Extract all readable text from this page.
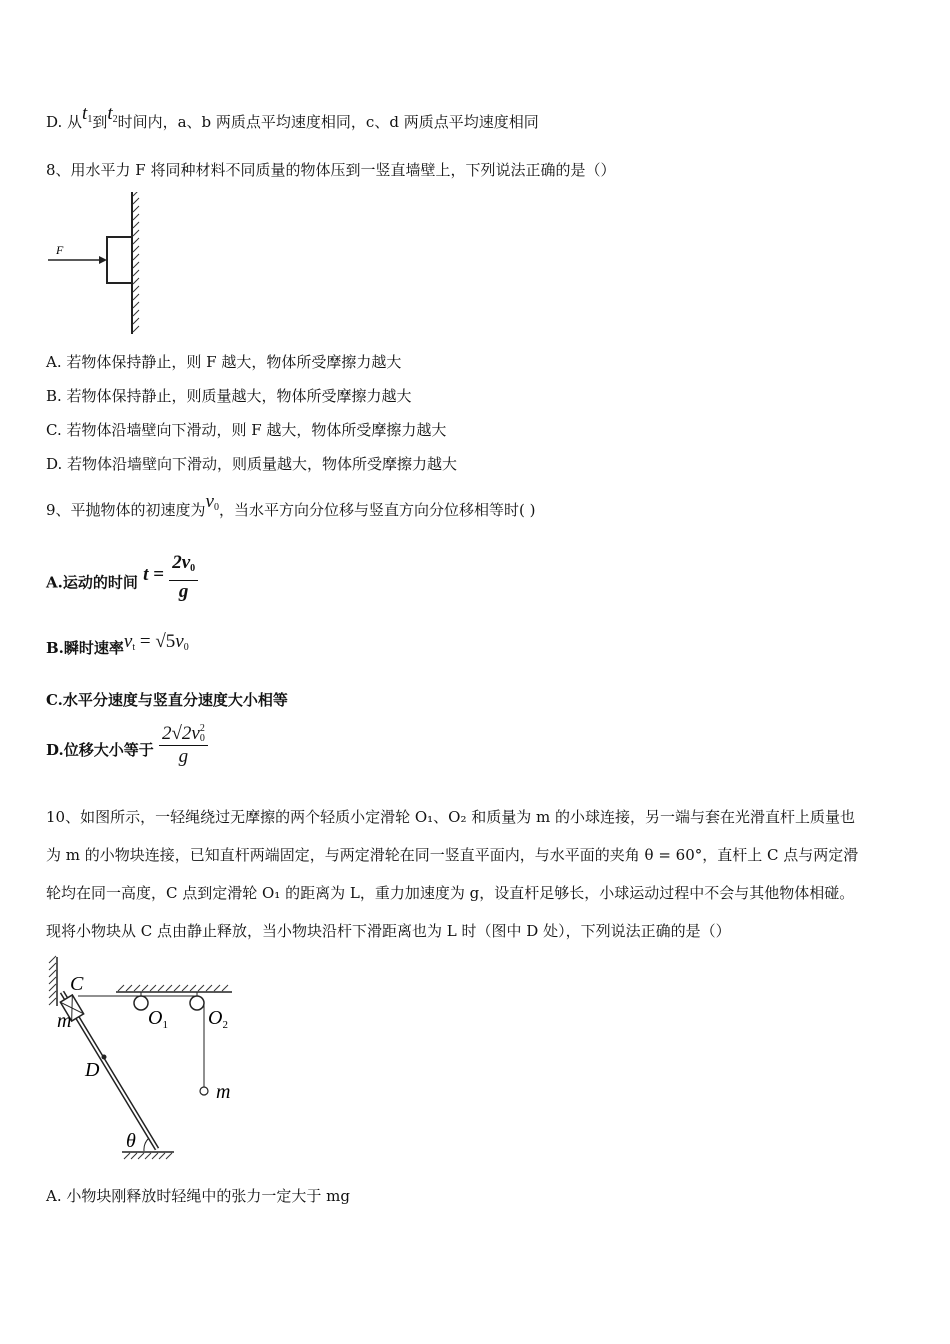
D. 从$t_1$到$t_2$时间内，a、b 两质点平均速度相同，c、d 两质点平均速度相同
8、用水平力 F 将同种材料不同质量的物体压到一竖直墙壁上，下列说法正确的是（）
F
A. 若物体保持静止，则 F 越大，物体所受摩擦力越大
B. 若物体保持静止，则质量越大，物体所受摩擦力越大
C. 若物体沿墙壁向下滑动，则 F 越大，物体所受摩擦力越大
D. 若物体沿墙壁向下滑动，则质量越大，物体所受摩擦力越大
9、平抛物体的初速度为$v_0$，当水平方向分位移与竖直方向分位移相等时( )
A.运动的时间 $t = \frac{2v_0}{g}$
B.瞬时速率$v_t = √5v_0$
C.水平分速度与竖直分速度大小相等
D.位移大小等于 2√2v 2
0
g
10、如图所示，一轻绳绕过无摩擦的两个轻质小定滑轮 O₁、O₂ 和质量为 m 的小球连接，另一端与套在光滑直杆上质量也
为 m 的小物块连接，已知直杆两端固定，与两定滑轮在同一竖直平面内，与水平面的夹角 θ = 60°，直杆上 C 点与两定滑
轮均在同一高度，C 点到定滑轮 O₁ 的距离为 L，重力加速度为 g，设直杆足够长，小球运动过程中不会与其他物体相碰。
现将小物块从 C 点由静止释放，当小物块沿杆下滑距离也为 L 时（图中 D 处），下列说法正确的是（）
C
m	$O_1$ $O_2$
D
m
θ
A. 小物块刚释放时轻绳中的张力一定大于 mg
